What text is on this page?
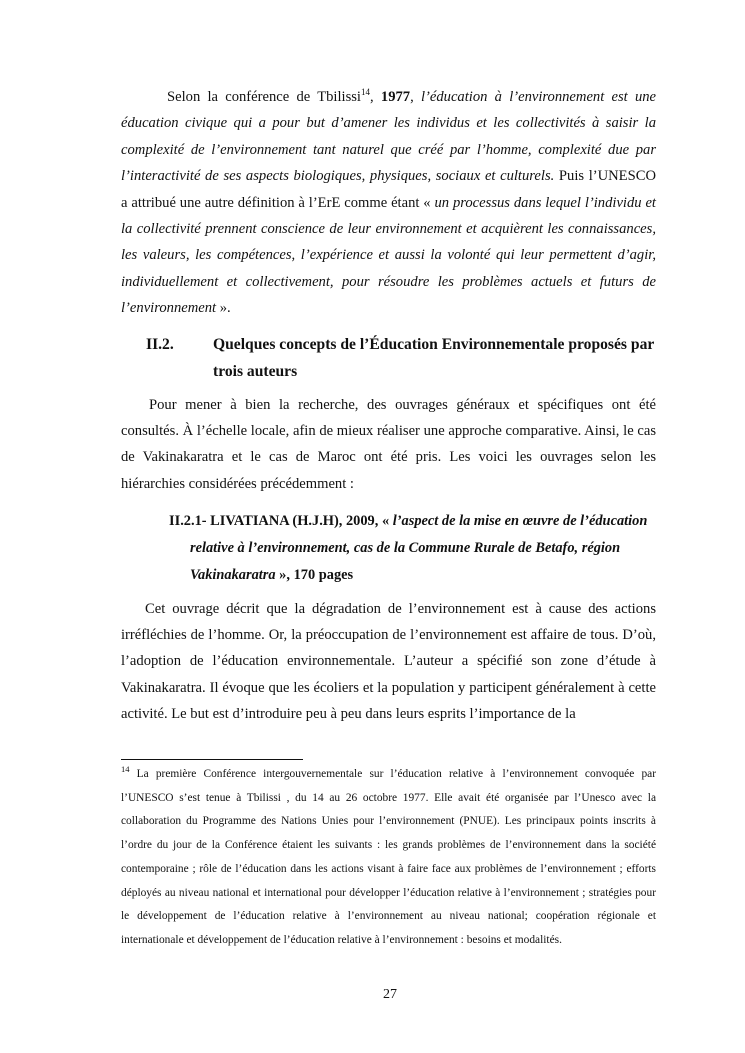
Selon la conférence de Tbilissi$^{14}$, 1977, l’éducation à l’environnement est une éducation civique qui a pour but d’amener les individus et les collectivités à saisir la complexité de l’environnement tant naturel que créé par l’homme, complexité due par l’interactivité de ses aspects biologiques, physiques, sociaux et culturels. Puis l’UNESCO a attribué une autre définition à l’ErE comme étant « un processus dans lequel l’individu et la collectivité prennent conscience de leur environnement et acquièrent les connaissances, les valeurs, les compétences, l’expérience et aussi la volonté qui leur permettent d’agir, individuellement et collectivement, pour résoudre les problèmes actuels et futurs de l’environnement ».

II.2.	Quelques concepts de l’Éducation Environnementale proposés par trois auteurs

Pour mener à bien la recherche, des ouvrages généraux et spécifiques ont été consultés. À l’échelle locale, afin de mieux réaliser une approche comparative. Ainsi, le cas de Vakinakaratra et le cas de Maroc ont été pris. Les voici les ouvrages selon les hiérarchies considérées précédemment :

II.2.1- LIVATIANA (H.J.H), 2009, « l’aspect de la mise en œuvre de l’éducation relative à l’environnement, cas de la Commune Rurale de Betafo, région Vakinakaratra », 170 pages

Cet ouvrage décrit que la dégradation de l’environnement est à cause des actions irréfléchies de l’homme. Or, la préoccupation de l’environnement est affaire de tous. D’où, l’adoption de l’éducation environnementale. L’auteur a spécifié son zone d’étude à Vakinakaratra. Il évoque que les écoliers et la population y participent généralement à cette activité. Le but est d’introduire peu à peu dans leurs esprits l’importance de la

$^{14}$ La première Conférence intergouvernementale sur l’éducation relative à l’environnement convoquée par l’UNESCO s’est tenue à Tbilissi , du 14 au 26 octobre 1977. Elle avait été organisée par l’Unesco avec la collaboration du Programme des Nations Unies pour l’environnement (PNUE). Les principaux points inscrits à l’ordre du jour de la Conférence étaient les suivants : les grands problèmes de l’environnement dans la société contemporaine ; rôle de l’éducation dans les actions visant à faire face aux problèmes de l’environnement ; efforts déployés au niveau national et international pour développer l’éducation relative à l’environnement ; stratégies pour le développement de l’éducation relative à l’environnement au niveau national; coopération régionale et internationale et développement de l’éducation relative à l’environnement : besoins et modalités.

27
